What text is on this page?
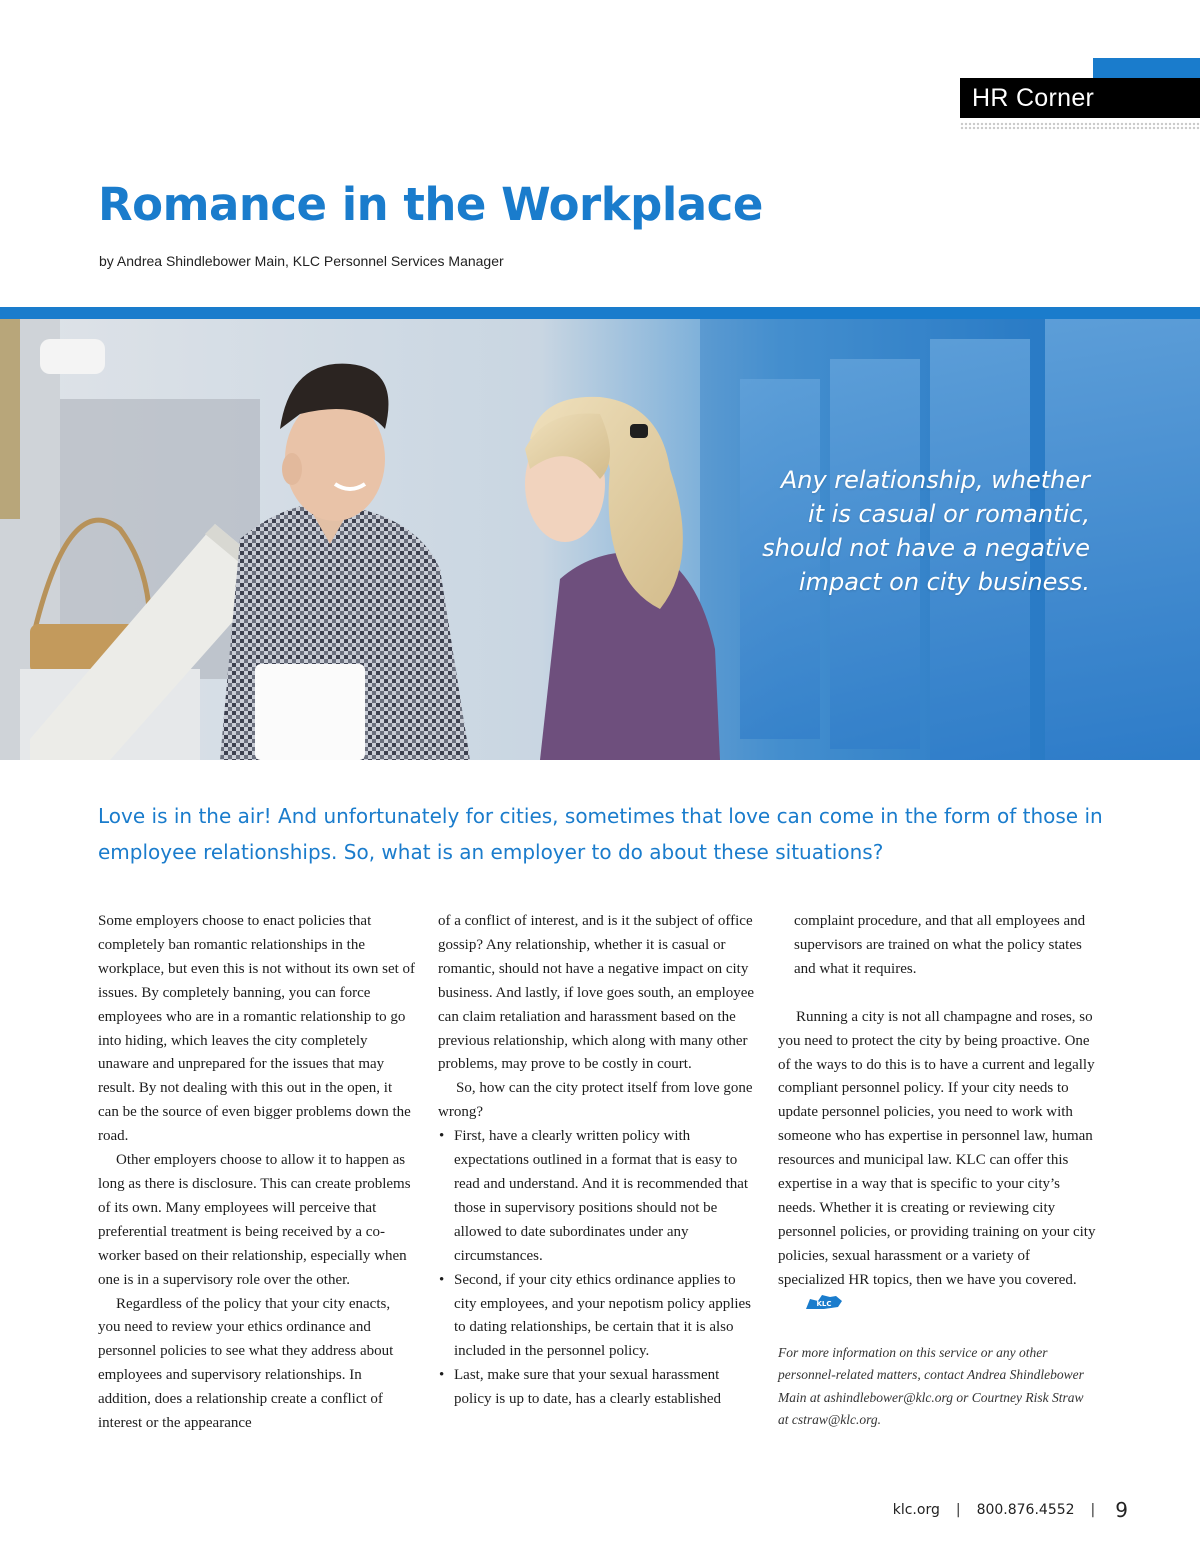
HR Corner
Romance in the Workplace
by Andrea Shindlebower Main, KLC Personnel Services Manager
Any relationship, whether
it is casual or romantic,
should not have a negative
impact on city business.
Love is in the air! And unfortunately for cities, sometimes that love can come in the form of those in
employee relationships. So, what is an employer to do about these situations?

Some employers choose to enact policies that completely ban romantic relationships in the workplace, but even this is not without its own set of issues. By completely banning, you can force employees who are in a romantic relationship to go into hiding, which leaves the city completely unaware and unprepared for the issues that may result. By not dealing with this out in the open, it can be the source of even bigger problems down the road.

Other employers choose to allow it to happen as long as there is disclosure. This can create problems of its own. Many employees will perceive that preferential treatment is being received by a co-worker based on their relationship, especially when one is in a supervisory role over the other.

Regardless of the policy that your city enacts, you need to review your ethics ordinance and personnel policies to see what they address about employees and supervisory relationships. In addition, does a relationship create a conflict of interest or the appearance

of a conflict of interest, and is it the subject of office gossip? Any relationship, whether it is casual or romantic, should not have a negative impact on city business. And lastly, if love goes south, an employee can claim retaliation and harassment based on the previous relationship, which along with many other problems, may prove to be costly in court.

So, how can the city protect itself from love gone wrong?

• First, have a clearly written policy with expectations outlined in a format that is easy to read and understand. And it is recommended that those in supervisory positions should not be allowed to date subordinates under any circumstances.
• Second, if your city ethics ordinance applies to city employees, and your nepotism policy applies to dating relationships, be certain that it is also included in the personnel policy.
• Last, make sure that your sexual harassment policy is up to date, has a clearly established

complaint procedure, and that all employees and supervisors are trained on what the policy states and what it requires.

Running a city is not all champagne and roses, so you need to protect the city by being proactive. One of the ways to do this is to have a current and legally compliant personnel policy. If your city needs to update personnel policies, you need to work with someone who has expertise in personnel law, human resources and municipal law. KLC can offer this expertise in a way that is specific to your city’s needs. Whether it is creating or reviewing city personnel policies, or providing training on your city policies, sexual harassment or a variety of specialized HR topics, then we have you covered.
KLC

For more information on this service or any other personnel-related matters, contact Andrea Shindlebower Main at ashindlebower@klc.org or Courtney Risk Straw at cstraw@klc.org.

klc.org | 800.876.4552 | 9
